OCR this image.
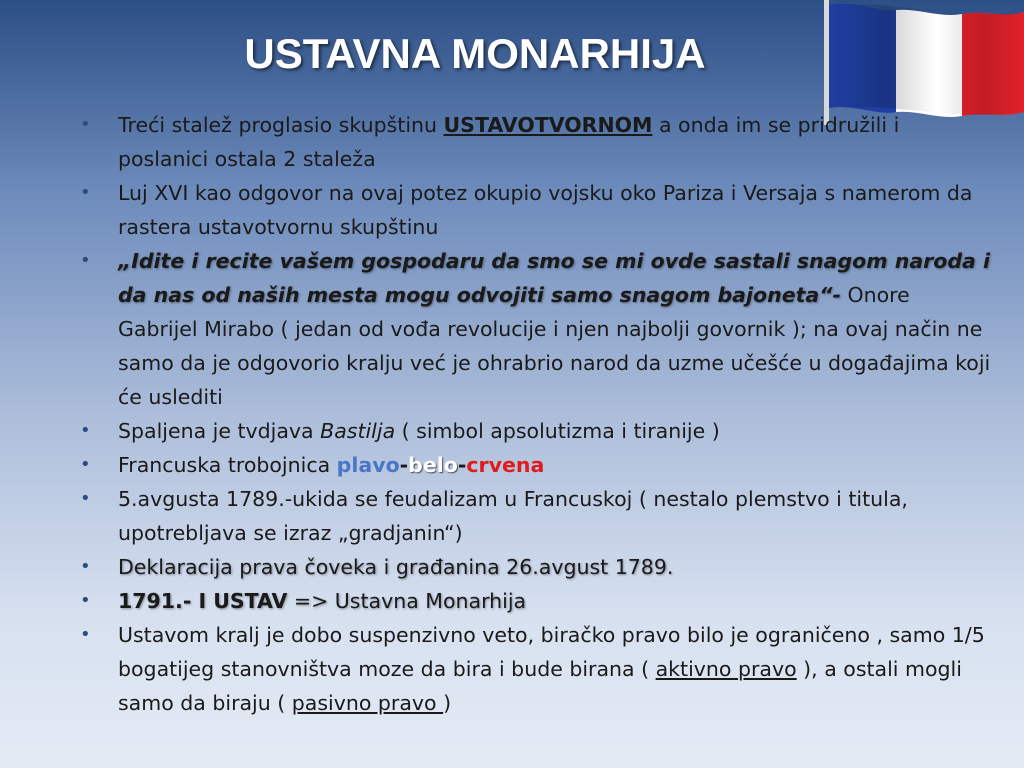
USTAVNA MONARHIJA
• Treći stalež proglasio skupštinu USTAVOTVORNOM a onda im se pridružili i poslanici ostala 2 staleža
• Luj XVI kao odgovor na ovaj potez okupio vojsku oko Pariza i Versaja s namerom da rastera ustavotvornu skupštinu
• „Idite i recite vašem gospodaru da smo se mi ovde sastali snagom naroda i da nas od naših mesta mogu odvojiti samo snagom bajoneta“- Onore Gabrijel Mirabo ( jedan od vođa revolucije i njen najbolji govornik ); na ovaj način ne samo da je odgovorio kralju već je ohrabrio narod da uzme učešće u događajima koji će uslediti
• Spaljena je tvdjava Bastilja ( simbol apsolutizma i tiranije )
• Francuska trobojnica plavo-belo-crvena
• 5.avgusta 1789.-ukida se feudalizam u Francuskoj ( nestalo plemstvo i titula, upotrebljava se izraz „gradjanin“)
• Deklaracija prava čoveka i građanina 26.avgust 1789.
• 1791.- I USTAV => Ustavna Monarhija
• Ustavom kralj je dobo suspenzivno veto, biračko pravo bilo je ograničeno , samo 1/5 bogatijeg stanovništva moze da bira i bude birana ( aktivno pravo ), a ostali mogli samo da biraju ( pasivno pravo )
